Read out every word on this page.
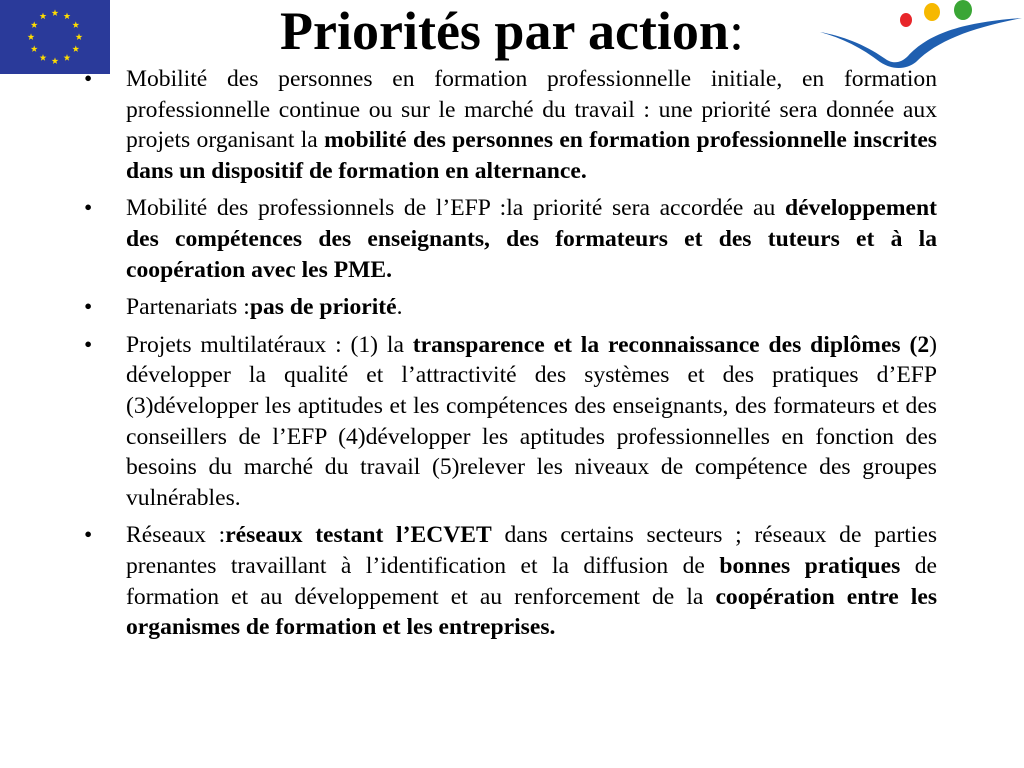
Priorités par action:
•	Mobilité des personnes en formation professionnelle initiale, en formation professionnelle continue ou sur le marché du travail : une priorité sera donnée aux projets organisant la mobilité des personnes en formation professionnelle inscrites dans un dispositif de formation en alternance.
•	Mobilité des professionnels de l’EFP :la priorité sera accordée au développement des compétences des enseignants, des formateurs et des tuteurs et à la coopération avec les PME.
•	Partenariats :pas de priorité.
•	Projets multilatéraux : (1) la transparence et la reconnaissance des diplômes (2) développer la qualité et l’attractivité des systèmes et des pratiques d’EFP (3)développer les aptitudes et les compétences des enseignants, des formateurs et des conseillers de l’EFP (4)développer les aptitudes professionnelles en fonction des besoins du marché du travail (5)relever les niveaux de compétence des groupes vulnérables.
•	Réseaux :réseaux testant l’ECVET dans certains secteurs ; réseaux de parties prenantes travaillant à l’identification et la diffusion de bonnes pratiques de formation et au développement et au renforcement de la coopération entre les organismes de formation et les entreprises.
